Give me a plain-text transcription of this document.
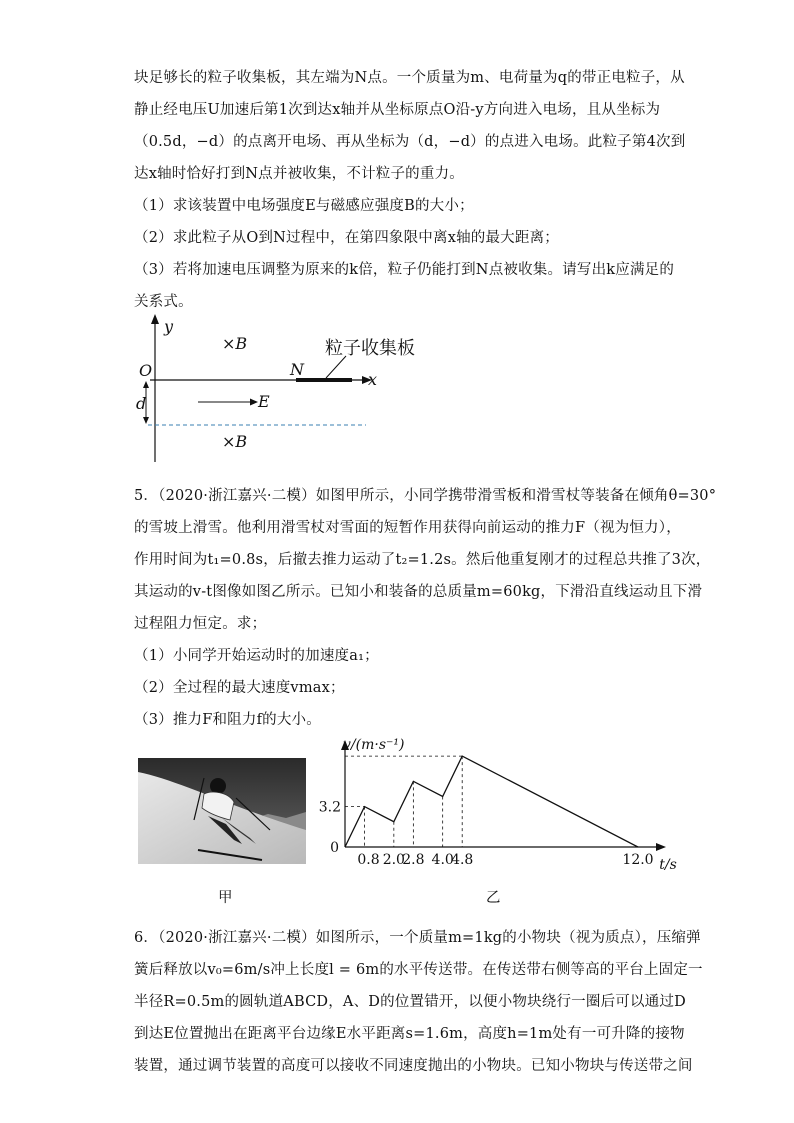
块足够长的粒子收集板，其左端为N点。一个质量为m、电荷量为q的带正电粒子，从
静止经电压U加速后第1次到达x轴并从坐标原点O沿-y方向进入电场，且从坐标为
（0.5d，−d）的点离开电场、再从坐标为（d，−d）的点进入电场。此粒子第4次到
达x轴时恰好打到N点并被收集，不计粒子的重力。
（1）求该装置中电场强度E与磁感应强度B的大小；
（2）求此粒子从O到N过程中，在第四象限中离x轴的最大距离；
（3）若将加速电压调整为原来的k倍，粒子仍能打到N点被收集。请写出k应满足的
关系式。
y
x
O	N
d	E
×B
×B
粒子收集板
5．（2020·浙江嘉兴·二模）如图甲所示，小同学携带滑雪板和滑雪杖等装备在倾角θ=30°
的雪坡上滑雪。他利用滑雪杖对雪面的短暂作用获得向前运动的推力F（视为恒力），
作用时间为t₁=0.8s，后撤去推力运动了t₂=1.2s。然后他重复刚才的过程总共推了3次，
其运动的v-t图像如图乙所示。已知小和装备的总质量m=60kg，下滑沿直线运动且下滑
过程阻力恒定。求；
（1）小同学开始运动时的加速度a₁；
（2）全过程的最大速度vmax；
（3）推力F和阻力f的大小。
0.8 2.0
2.8 4.0
4.8	12.0
3.2
0
v/(m·s⁻¹)
t/s
甲	乙
6．（2020·浙江嘉兴·二模）如图所示，一个质量m=1kg的小物块（视为质点），压缩弹
簧后释放以v₀=6m/s冲上长度l = 6m的水平传送带。在传送带右侧等高的平台上固定一
半径R=0.5m的圆轨道ABCD，A、D的位置错开，以便小物块绕行一圈后可以通过D
到达E位置抛出在距离平台边缘E水平距离s=1.6m，高度h=1m处有一可升降的接物
装置，通过调节装置的高度可以接收不同速度抛出的小物块。已知小物块与传送带之间
